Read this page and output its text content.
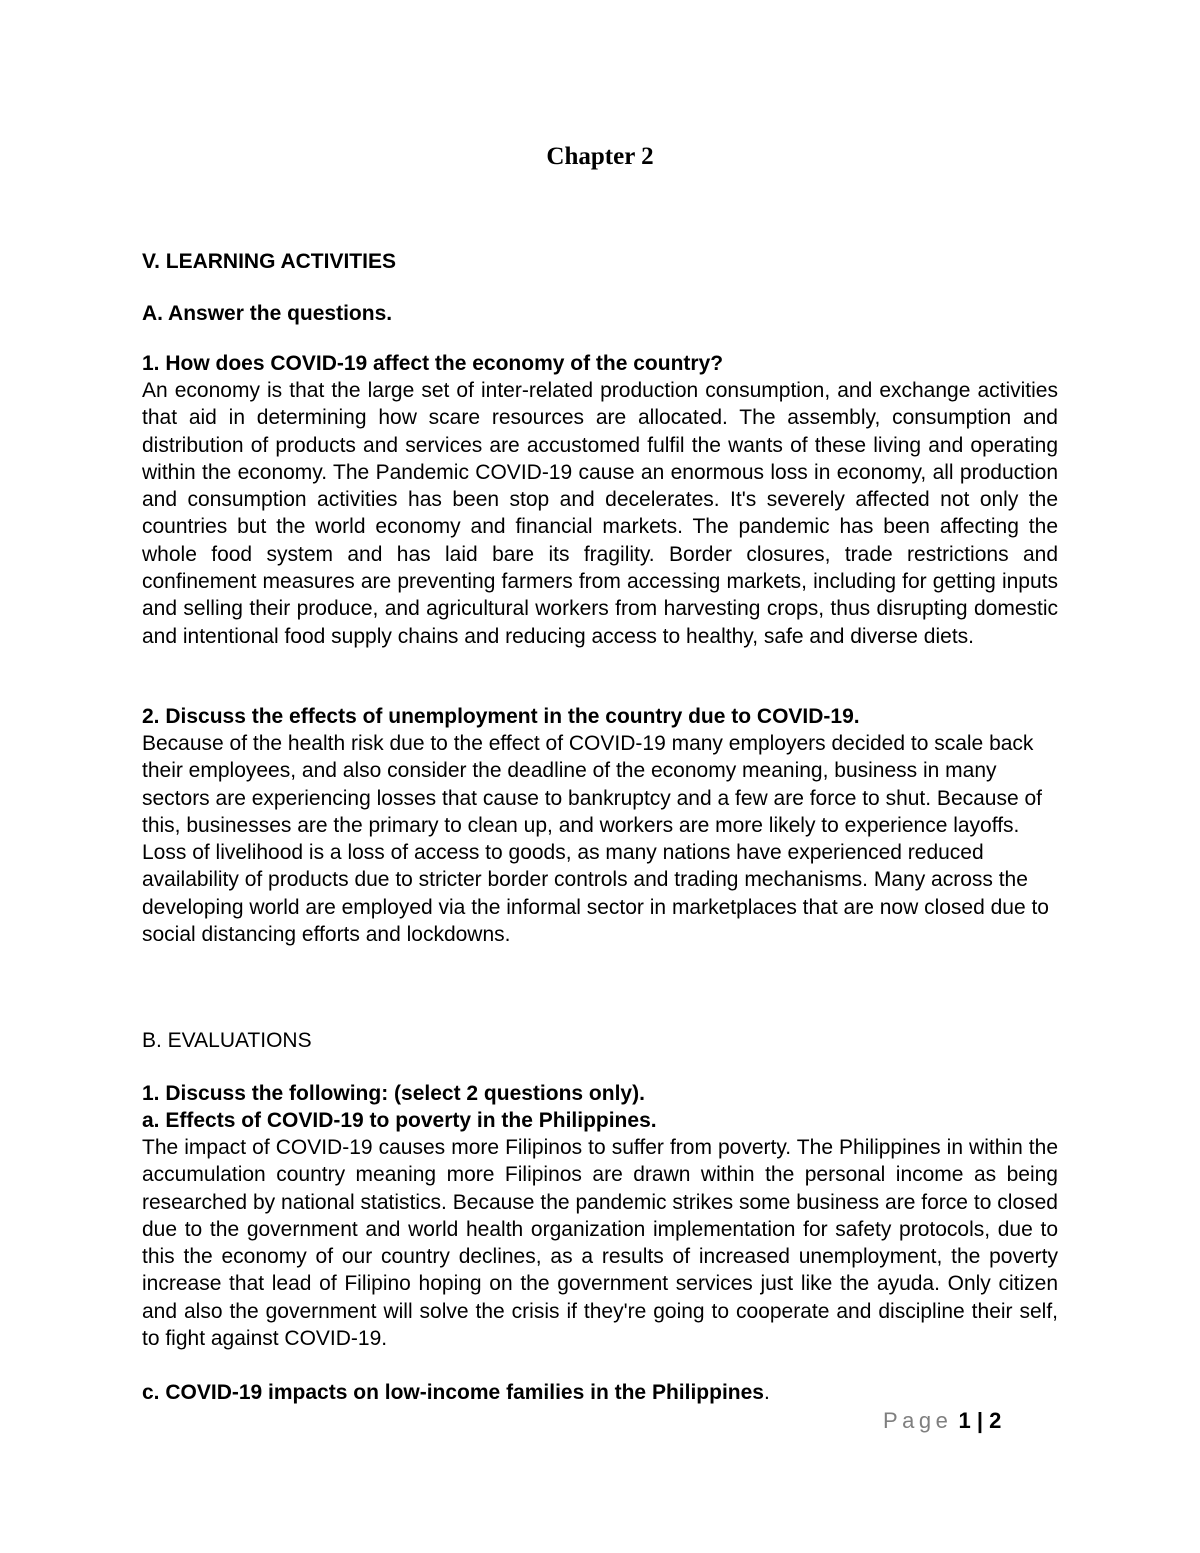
Chapter 2

V. LEARNING ACTIVITIES

A. Answer the questions.

1. How does COVID-19 affect the economy of the country?

An economy is that the large set of inter-related production consumption, and exchange activities that aid in determining how scare resources are allocated. The assembly, consumption and distribution of products and services are accustomed fulfil the wants of these living and operating within the economy. The Pandemic COVID-19 cause an enormous loss in economy, all production and consumption activities has been stop and decelerates. It's severely affected not only the countries but the world economy and financial markets. The pandemic has been affecting the whole food system and has laid bare its fragility. Border closures, trade restrictions and confinement measures are preventing farmers from accessing markets, including for getting inputs and selling their produce, and agricultural workers from harvesting crops, thus disrupting domestic and intentional food supply chains and reducing access to healthy, safe and diverse diets.

2. Discuss the effects of unemployment in the country due to COVID-19.

Because of the health risk due to the effect of COVID-19 many employers decided to scale back their employees, and also consider the deadline of the economy meaning, business in many sectors are experiencing losses that cause to bankruptcy and a few are force to shut. Because of this, businesses are the primary to clean up, and workers are more likely to experience layoffs. Loss of livelihood is a loss of access to goods, as many nations have experienced reduced availability of products due to stricter border controls and trading mechanisms. Many across the developing world are employed via the informal sector in marketplaces that are now closed due to social distancing efforts and lockdowns.

B. EVALUATIONS

1. Discuss the following: (select 2 questions only).

a. Effects of COVID-19 to poverty in the Philippines.

The impact of COVID-19 causes more Filipinos to suffer from poverty. The Philippines in within the accumulation country meaning more Filipinos are drawn within the personal income as being researched by national statistics. Because the pandemic strikes some business are force to closed due to the government and world health organization implementation for safety protocols, due to this the economy of our country declines, as a results of increased unemployment, the poverty increase that lead of Filipino hoping on the government services just like the ayuda. Only citizen and also the government will solve the crisis if they're going to cooperate and discipline their self, to fight against COVID-19.

c. COVID-19 impacts on low-income families in the Philippines.

Page 1 | 2
